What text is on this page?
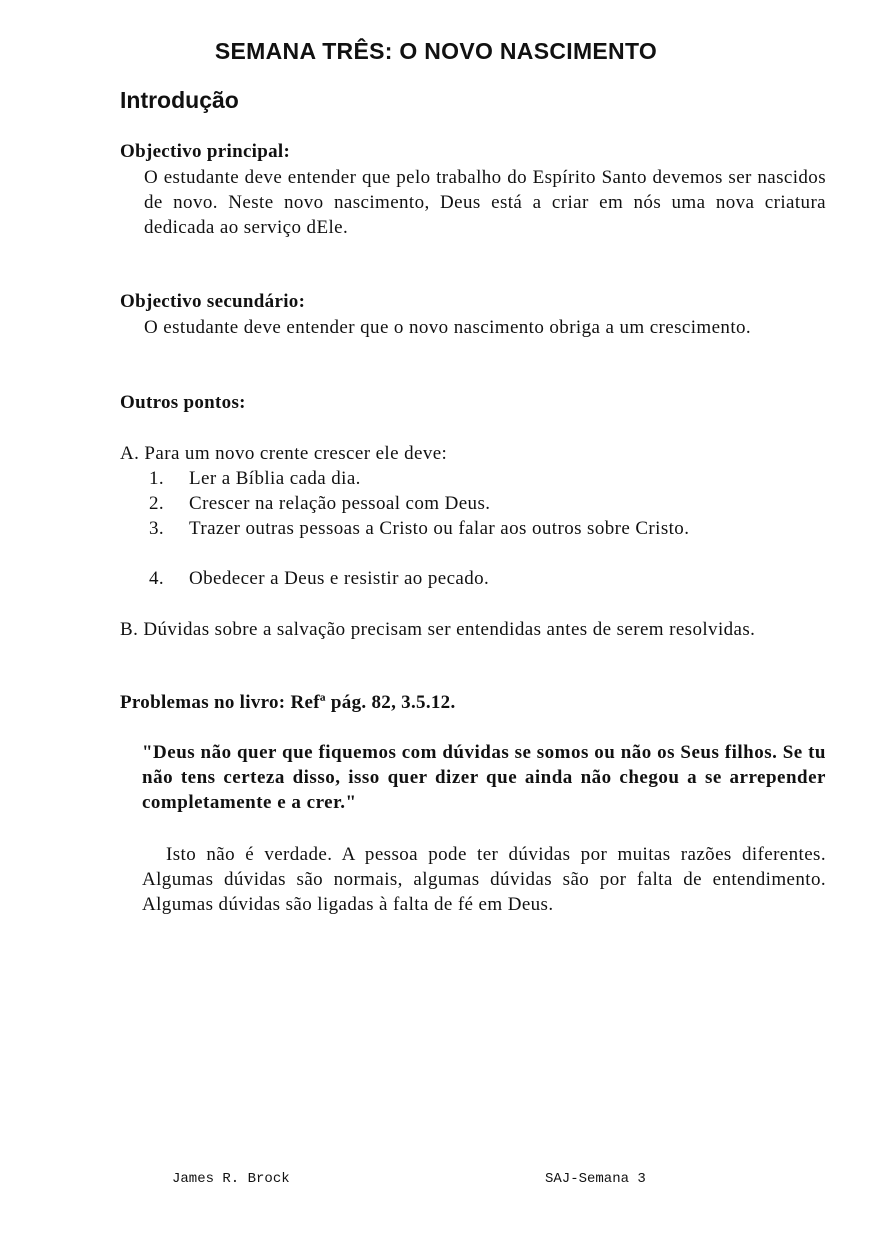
SEMANA TRÊS: O NOVO NASCIMENTO
Introdução
Objectivo principal:

O estudante deve entender que pelo trabalho do Espírito Santo devemos ser nascidos de novo. Neste novo nascimento, Deus está a criar em nós uma nova criatura dedicada ao serviço dEle.

Objectivo secundário:

O estudante deve entender que o novo nascimento obriga a um crescimento.

Outros pontos:
A. Para um novo crente crescer ele deve:
1. Ler a Bíblia cada dia.
2. Crescer na relação pessoal com Deus.
3. Trazer outras pessoas a Cristo ou falar aos outros sobre Cristo.
4. Obedecer a Deus e resistir ao pecado.

B. Dúvidas sobre a salvação precisam ser entendidas antes de serem resolvidas.

Problemas no livro: Refª pág. 82, 3.5.12.

"Deus não quer que fiquemos com dúvidas se somos ou não os Seus filhos. Se tu não tens certeza disso, isso quer dizer que ainda não chegou a se arrepender completamente e a crer."

Isto não é verdade. A pessoa pode ter dúvidas por muitas razões diferentes. Algumas dúvidas são normais, algumas dúvidas são por falta de entendimento. Algumas dúvidas são ligadas à falta de fé em Deus.

James R. Brock	SAJ-Semana 3
